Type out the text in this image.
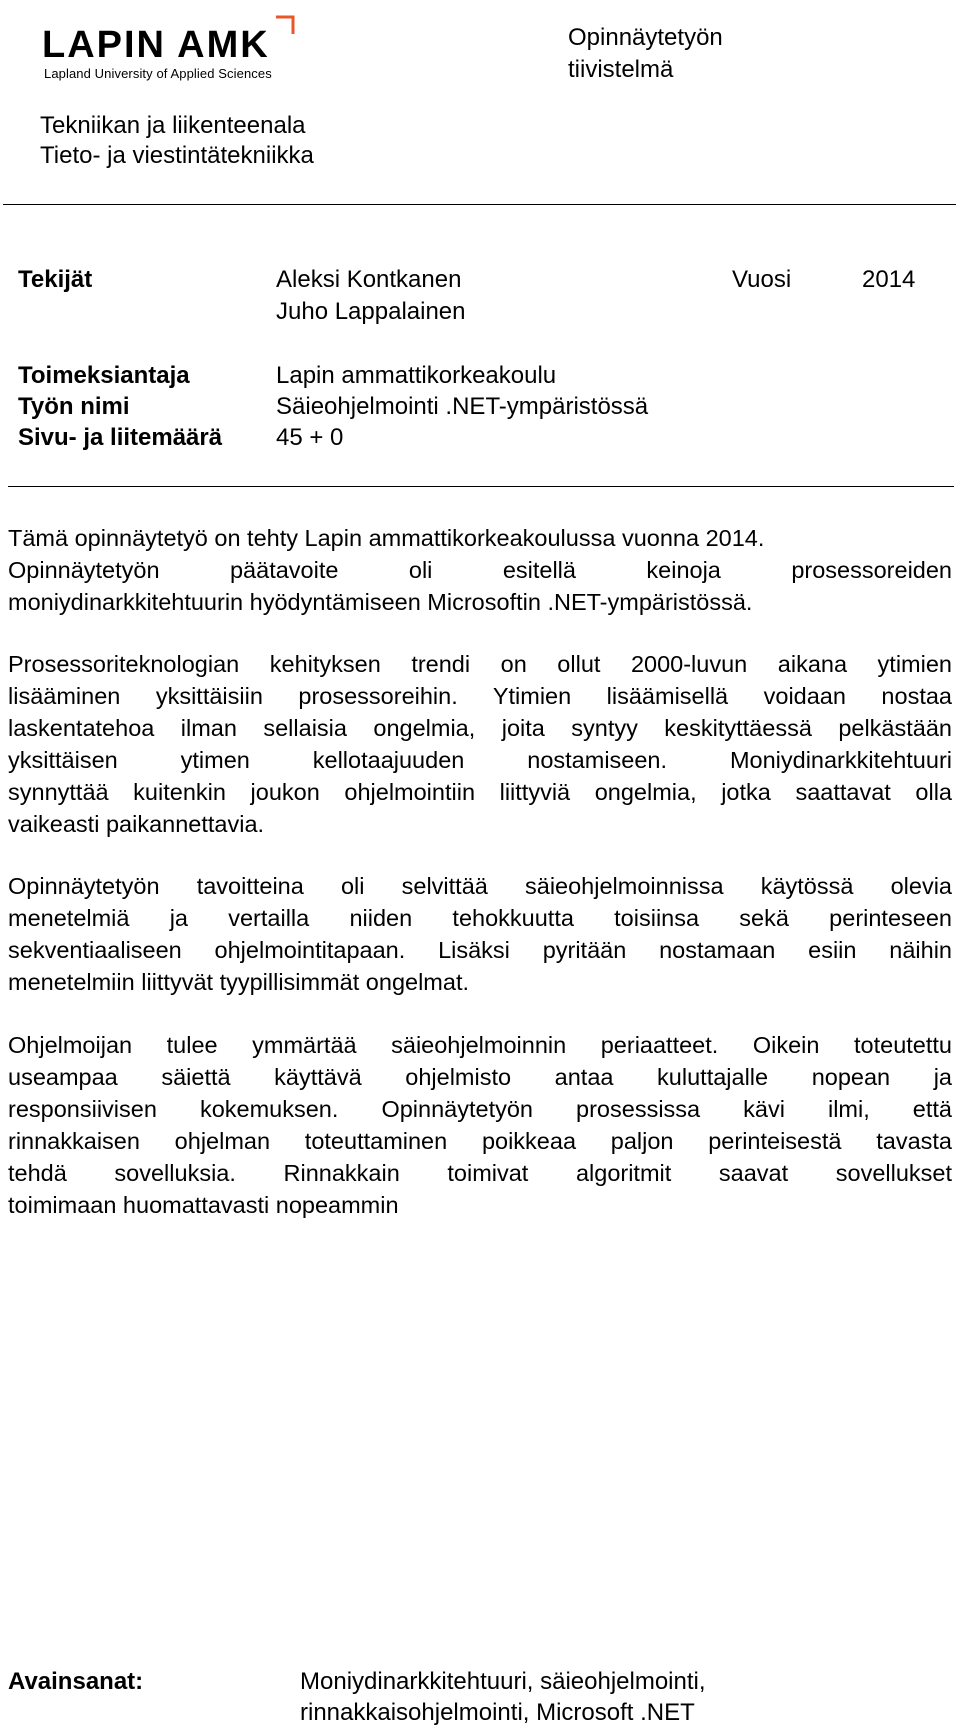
LAPIN AMK
Lapland University of Applied Sciences
Opinnäytetyön
tiivistelmä
Tekniikan ja liikenteenala
Tieto- ja viestintätekniikka
Tekijät	Aleksi Kontkanen
Juho Lappalainen
Vuosi	2014
Toimeksiantaja	Lapin ammattikorkeakoulu
Työn nimi	Säieohjelmointi .NET-ympäristössä
Sivu- ja liitemäärä 45 + 0
Tämä opinnäytetyö on tehty Lapin ammattikorkeakoulussa vuonna 2014.
Opinnäytetyön päätavoite oli esitellä keinoja prosessoreiden
moniydinarkkitehtuurin hyödyntämiseen Microsoftin .NET-ympäristössä.
Prosessoriteknologian kehityksen trendi on ollut 2000-luvun aikana ytimien
lisääminen yksittäisiin prosessoreihin. Ytimien lisäämisellä voidaan nostaa
laskentatehoa ilman sellaisia ongelmia, joita syntyy keskityttäessä pelkästään
yksittäisen ytimen kellotaajuuden nostamiseen. Moniydinarkkitehtuuri
synnyttää kuitenkin joukon ohjelmointiin liittyviä ongelmia, jotka saattavat olla
vaikeasti paikannettavia.
Opinnäytetyön tavoitteina oli selvittää säieohjelmoinnissa käytössä olevia
menetelmiä ja vertailla niiden tehokkuutta toisiinsa sekä perinteseen
sekventiaaliseen ohjelmointitapaan. Lisäksi pyritään nostamaan esiin näihin
menetelmiin liittyvät tyypillisimmät ongelmat.
Ohjelmoijan tulee ymmärtää säieohjelmoinnin periaatteet. Oikein toteutettu
useampaa säiettä käyttävä ohjelmisto antaa kuluttajalle nopean ja
responsiivisen kokemuksen. Opinnäytetyön prosessissa kävi ilmi, että
rinnakkaisen ohjelman toteuttaminen poikkeaa paljon perinteisestä tavasta
tehdä sovelluksia. Rinnakkain toimivat algoritmit saavat sovellukset
toimimaan huomattavasti nopeammin
Avainsanat:	Moniydinarkkitehtuuri, säieohjelmointi,
rinnakkaisohjelmointi, Microsoft .NET
